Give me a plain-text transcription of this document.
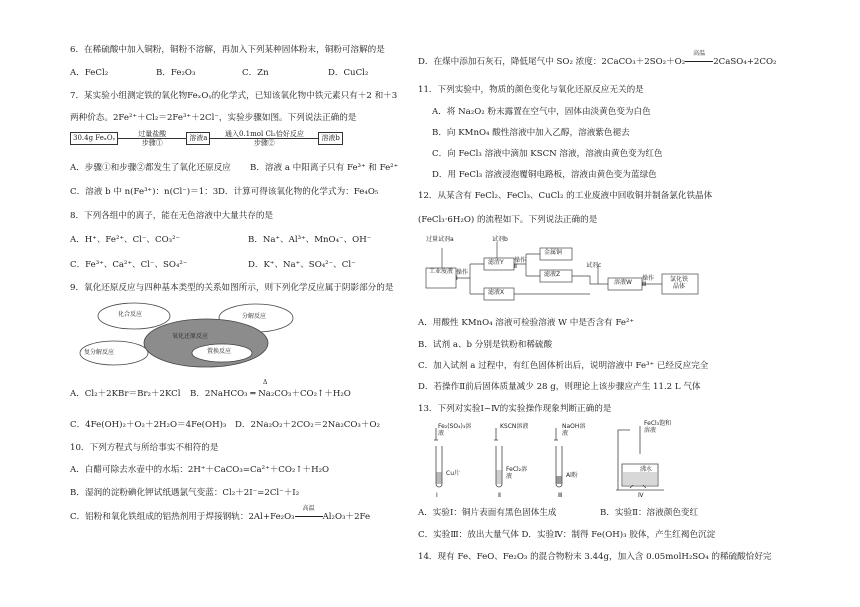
6．在稀硫酸中加入铜粉，铜粉不溶解，再加入下列某种固体粉末，铜粉可溶解的是
A．FeCl₂	B．Fe₂O₃	C．Zn	D．CuCl₂
7．某实验小组测定铁的氧化物FeₓOᵧ的化学式，已知该氧化物中铁元素只有＋2 和＋3
两种价态。2Fe²⁺＋Cl₂＝2Fe³⁺＋2Cl⁻，实验步骤如图。下列说法正确的是
30.4g FeₓOᵧ	过量盐酸
步骤①
溶液a	通入0.1mol Cl₂恰好反应
步骤②
溶液b
A．步骤①和步骤②都发生了氧化还原反应 B．溶液 a 中阳离子只有 Fe³⁺ 和 Fe²⁺
C．溶液 b 中 n(Fe³⁺)：n(Cl⁻)＝1：3 D．计算可得该氧化物的化学式为：Fe₄O₅
8．下列各组中的离子，能在无色溶液中大量共存的是
A．H⁺、Fe²⁺、Cl⁻、CO₃²⁻	B．Na⁺、Al³⁺、MnO₄⁻、OH⁻
C．Fe³⁺、Ca²⁺、Cl⁻、SO₄²⁻	D．K⁺、Na⁺、SO₄²⁻、Cl⁻
9．氧化还原反应与四种基本类型的关系如图所示，则下列化学反应属于阴影部分的是
化合反应	分解反应
氧化还原反应
置换反应
复分解反应
A．Cl₂＋2KBr＝Br₂＋2KCl
Δ
B．2NaHCO₃ ═ Na₂CO₃＋CO₂↑＋H₂O
C．4Fe(OH)₂＋O₂＋2H₂O＝4Fe(OH)₃ D．2Na₂O₂＋2CO₂＝2Na₂CO₃＋O₂
10．下列方程式与所给事实不相符的是
A．白醋可除去水壶中的水垢：2H⁺＋CaCO₃=Ca²⁺＋CO₂↑＋H₂O
B．湿润的淀粉碘化钾试纸遇氯气变蓝：Cl₂＋2I⁻=2Cl⁻＋I₂
C．铝粉和氧化铁组成的铝热剂用于焊接钢轨：2Al+Fe₂O₃
高温
Al₂O₃＋2Fe
D．在煤中添加石灰石，降低尾气中 SO₂ 浓度：2CaCO₃＋2SO₂＋O₂
高温
2CaSO₄+2CO₂
11．下列实验中，物质的颜色变化与氧化还原反应无关的是
A．将 Na₂O₂ 粉末露置在空气中，固体由淡黄色变为白色
B．向 KMnO₄ 酸性溶液中加入乙醇，溶液紫色褪去
C．向 FeCl₃ 溶液中滴加 KSCN 溶液，溶液由黄色变为红色
D．用 FeCl₃ 溶液浸泡覆铜电路板，溶液由黄色变为蓝绿色
12．从某含有 FeCl₂、FeCl₃、CuCl₂ 的工业废液中回收铜并制备氯化铁晶体
(FeCl₃·6H₂O) 的流程如下。下列说法正确的是
过量试剂a	试剂b
试剂c
工业废液 操作Ⅰ
操作Ⅱ
操作Ⅲ
滤渣Y
金属铜
滤液Z
滤液X
溶液W	氯化铁晶体
A．用酸性 KMnO₄ 溶液可检验溶液 W 中是否含有 Fe²⁺
B．试剂 a、b 分别是铁粉和稀硫酸
C．加入试剂 a 过程中，有红色固体析出后，说明溶液中 Fe³⁺ 已经反应完全
D．若操作Ⅱ前后固体质量减少 28 g，则理论上该步骤应产生 11.2 L 气体
13．下列对实验Ⅰ~Ⅳ的实验操作现象判断正确的是
Fe₂(SO₄)₃溶液
Cu片
Ⅰ
KSCN溶液
FeCl₂溶液
Ⅱ
NaOH溶液
Al粉
Ⅲ
FeCl₃饱和溶液
沸水
Ⅳ
A．实验Ⅰ：铜片表面有黑色固体生成	B．实验Ⅱ：溶液颜色变红
C．实验Ⅲ：放出大量气体 D．实验Ⅳ：制得 Fe(OH)₃ 胶体，产生红褐色沉淀
14．现有 Fe、FeO、Fe₂O₃ 的混合物粉末 3.44g，加入含 0.05molH₂SO₄ 的稀硫酸恰好完
